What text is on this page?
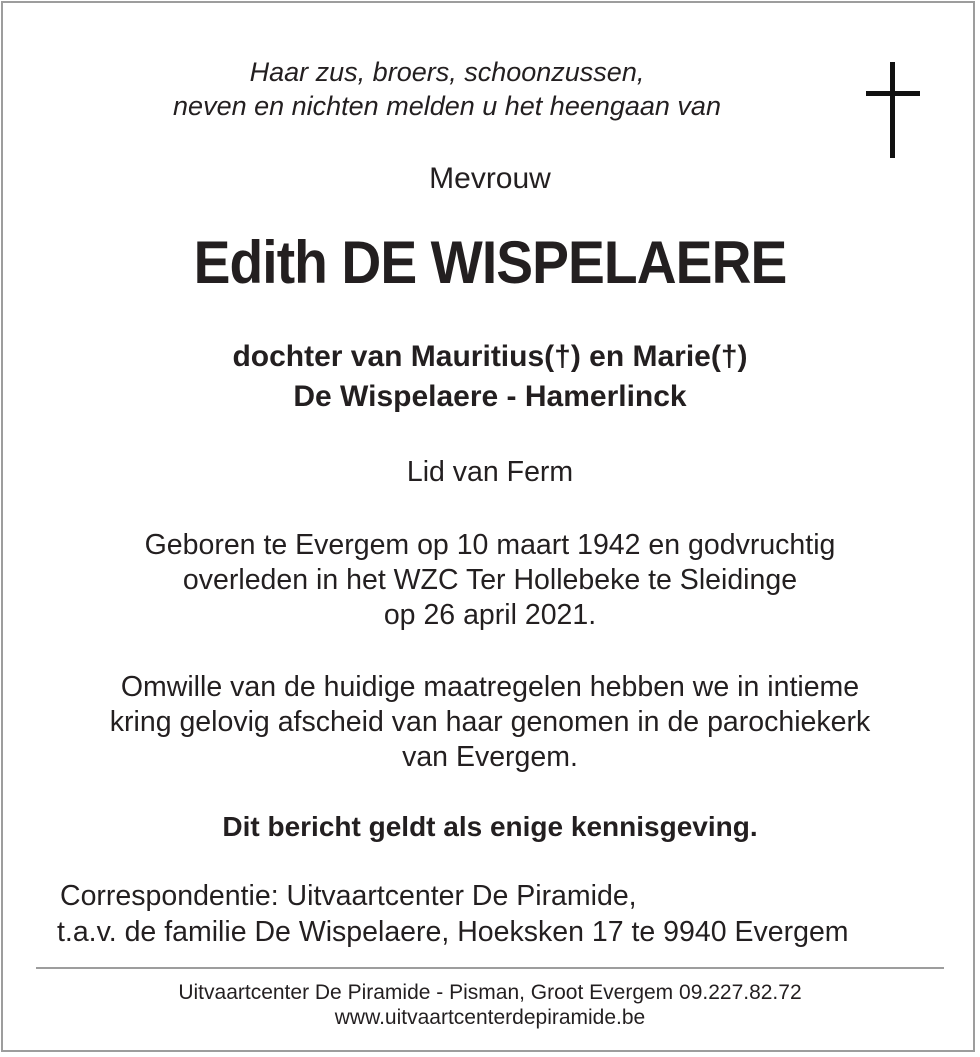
Haar zus, broers, schoonzussen,
neven en nichten melden u het heengaan van
Mevrouw
Edith DE WISPELAERE
dochter van Mauritius(†) en Marie(†)
De Wispelaere - Hamerlinck
Lid van Ferm
Geboren te Evergem op 10 maart 1942 en godvruchtig
overleden in het WZC Ter Hollebeke te Sleidinge
op 26 april 2021.
Omwille van de huidige maatregelen hebben we in intieme
kring gelovig afscheid van haar genomen in de parochiekerk
van Evergem.
Dit bericht geldt als enige kennisgeving.
Correspondentie: Uitvaartcenter De Piramide,
t.a.v. de familie De Wispelaere, Hoeksken 17 te 9940 Evergem
Uitvaartcenter De Piramide - Pisman, Groot Evergem 09.227.82.72
www.uitvaartcenterdepiramide.be
